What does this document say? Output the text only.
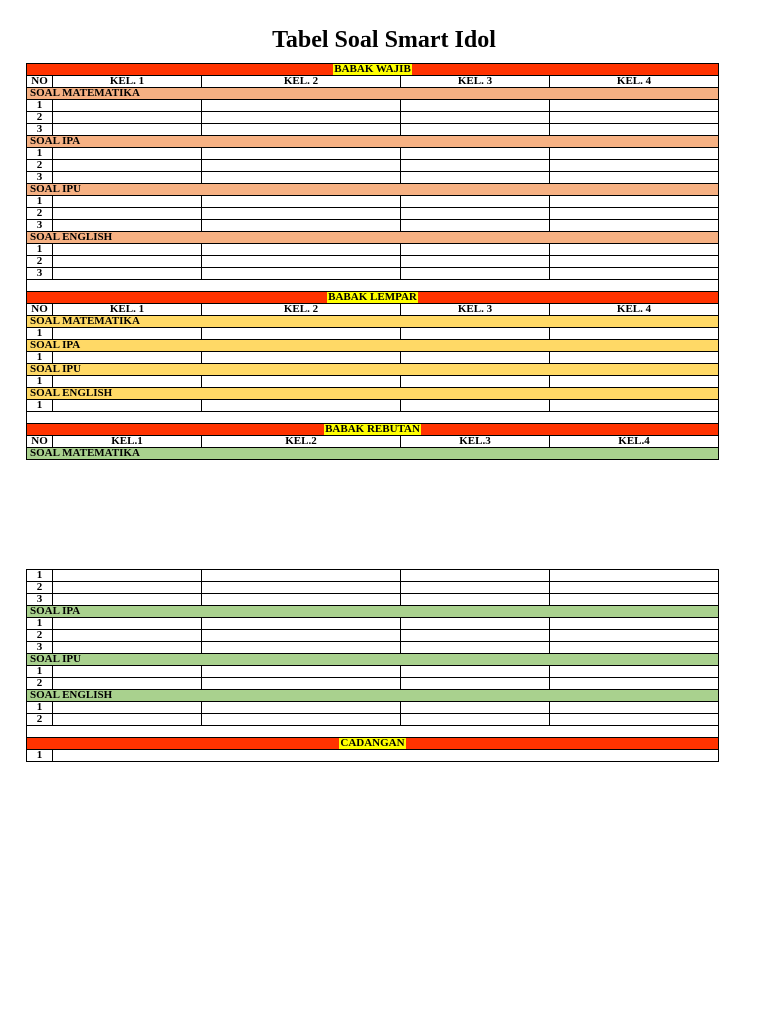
Tabel Soal Smart Idol
BABAK WAJIB				
NO	KEL. 1	KEL. 2	KEL. 3	KEL. 4
SOAL MATEMATIKA				
1				
2				
3				
SOAL IPA				
1				
2				
3				
SOAL IPU				
1				
2				
3				
SOAL ENGLISH				
1				
2				
3				

BABAK LEMPAR				
NO	KEL. 1	KEL. 2	KEL. 3	KEL. 4
SOAL MATEMATIKA				
1				
SOAL IPA				
1				
SOAL IPU				
1				
SOAL ENGLISH				
1				

BABAK REBUTAN				
NO	KEL.1	KEL.2	KEL.3	KEL.4
SOAL MATEMATIKA				
1				
2				
3				
SOAL IPA				
1				
2				
3				
SOAL IPU				
1				
2				
SOAL ENGLISH				
1				
2				

CADANGAN				
1				
